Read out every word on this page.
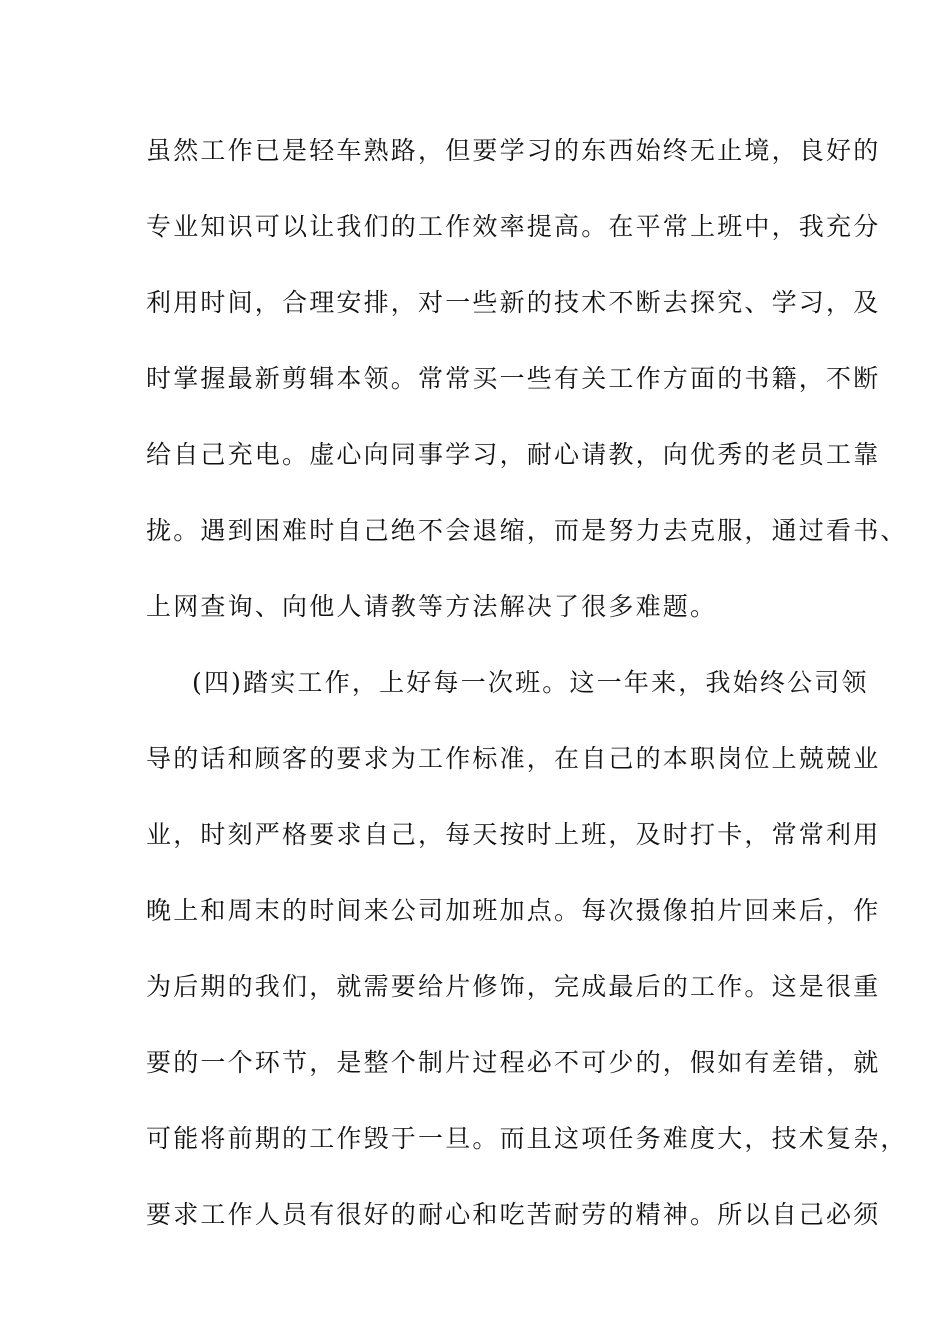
虽然工作已是轻车熟路，但要学习的东西始终无止境，良好的
专业知识可以让我们的工作效率提高。在平常上班中，我充分
利用时间，合理安排，对一些新的技术不断去探究、学习，及
时掌握最新剪辑本领。常常买一些有关工作方面的书籍，不断
给自己充电。虚心向同事学习，耐心请教，向优秀的老员工靠
拢。遇到困难时自己绝不会退缩，而是努力去克服，通过看书、
上网查询、向他人请教等方法解决了很多难题。
(四)踏实工作，上好每一次班。这一年来，我始终公司领
导的话和顾客的要求为工作标准，在自己的本职岗位上兢兢业
业，时刻严格要求自己，每天按时上班，及时打卡，常常利用
晚上和周末的时间来公司加班加点。每次摄像拍片回来后，作
为后期的我们，就需要给片修饰，完成最后的工作。这是很重
要的一个环节，是整个制片过程必不可少的，假如有差错，就
可能将前期的工作毁于一旦。而且这项任务难度大，技术复杂，
要求工作人员有很好的耐心和吃苦耐劳的精神。所以自己必须
